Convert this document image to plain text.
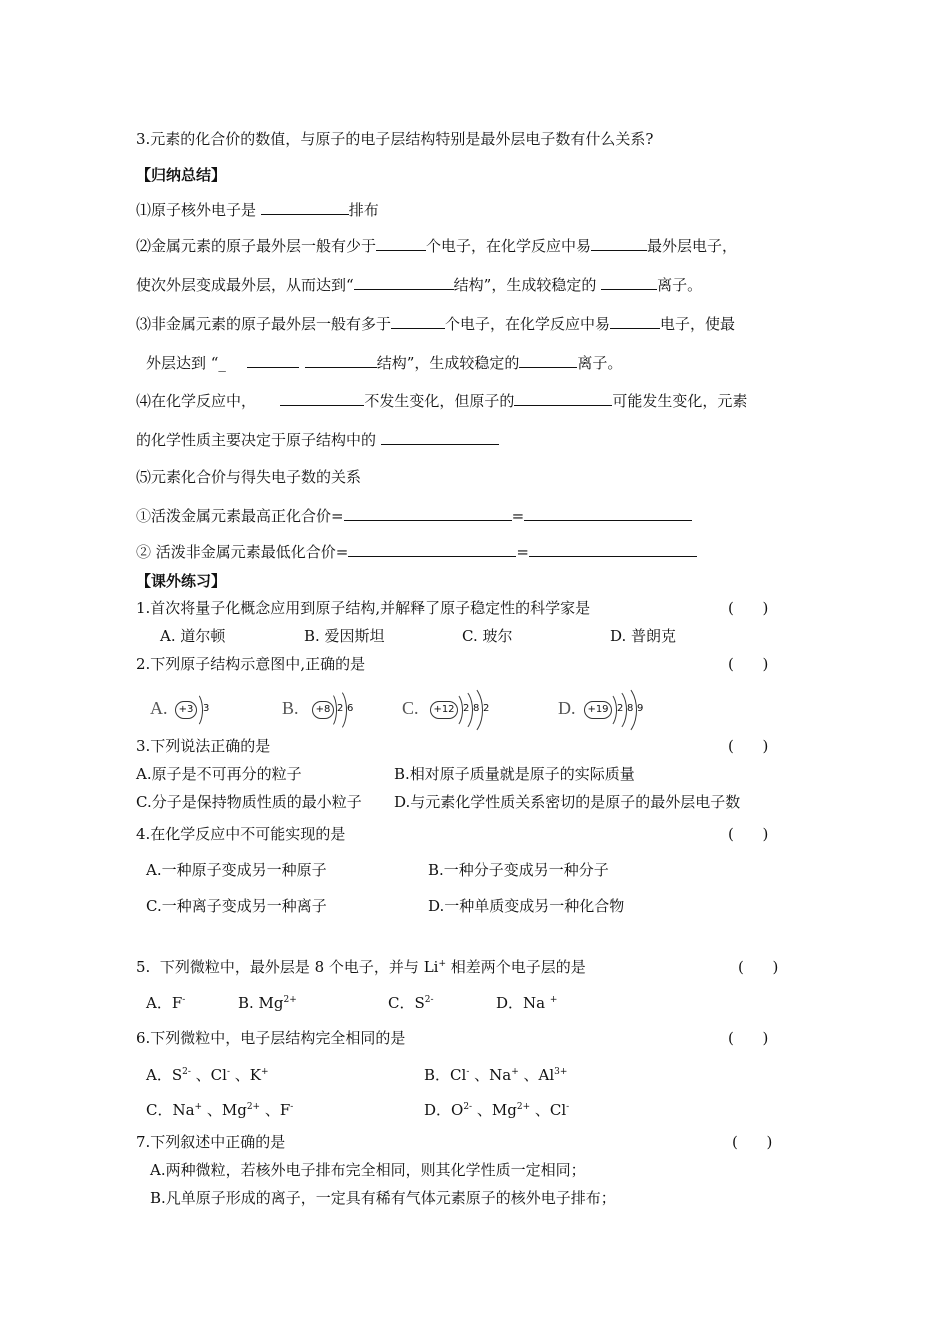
3.元素的化合价的数值，与原子的电子层结构特别是最外层电子数有什么关系?
【归纳总结】
⑴原子核外电子是	排布
⑵金属元素的原子最外层一般有少于	个电子，在化学反应中易	最外层电子，
使次外层变成最外层，从而达到“	结构”，生成较稳定的	离子。
⑶非金属元素的原子最外层一般有多于	个电子，在化学反应中易	电子，使最
外层达到 “_	结构”，生成较稳定的	离子。
⑷在化学反应中，	不发生变化，但原子的	可能发生变化，元素
的化学性质主要决定于原子结构中的
⑸元素化合价与得失电子数的关系
①活泼金属元素最高正化合价=	=
② 活泼非金属元素最低化合价=	=
【课外练习】
1.首次将量子化概念应用到原子结构,并解释了原子稳定性的科学家是	(      )
A. 道尔顿	B. 爱因斯坦	C. 玻尔	D. 普朗克
2.下列原子结构示意图中,正确的是	(      )
A.	+3 3	B.	+8 2 6	C.	+12 2 8 2	D.	+19 2 8 9
3.下列说法正确的是	(      )
A.原子是不可再分的粒子	B.相对原子质量就是原子的实际质量
C.分子是保持物质性质的最小粒子 D.与元素化学性质关系密切的是原子的最外层电子数
4.在化学反应中不可能实现的是	(      )
A.一种原子变成另一种原子	B.一种分子变成另一种分子
C.一种离子变成另一种离子	D.一种单质变成另一种化合物
5.  下列微粒中，最外层是 8 个电子，并与 Li+ 相差两个电子层的是	(      )
A．F-	B. $Mg^{2+}$	C．$S^{2-}$	D．Na +
6.下列微粒中，电子层结构完全相同的是	(      )
A．$S^{2-}$ 、Cl- 、K+	B．Cl- 、Na+ 、$Al^{3+}$
C．Na+ 、$Mg^{2+}$ 、F-	D．$O^{2-}$ 、$Mg^{2+}$ 、Cl-
7.下列叙述中正确的是	(      )
A.两种微粒，若核外电子排布完全相同，则其化学性质一定相同；
B.凡单原子形成的离子，一定具有稀有气体元素原子的核外电子排布；
